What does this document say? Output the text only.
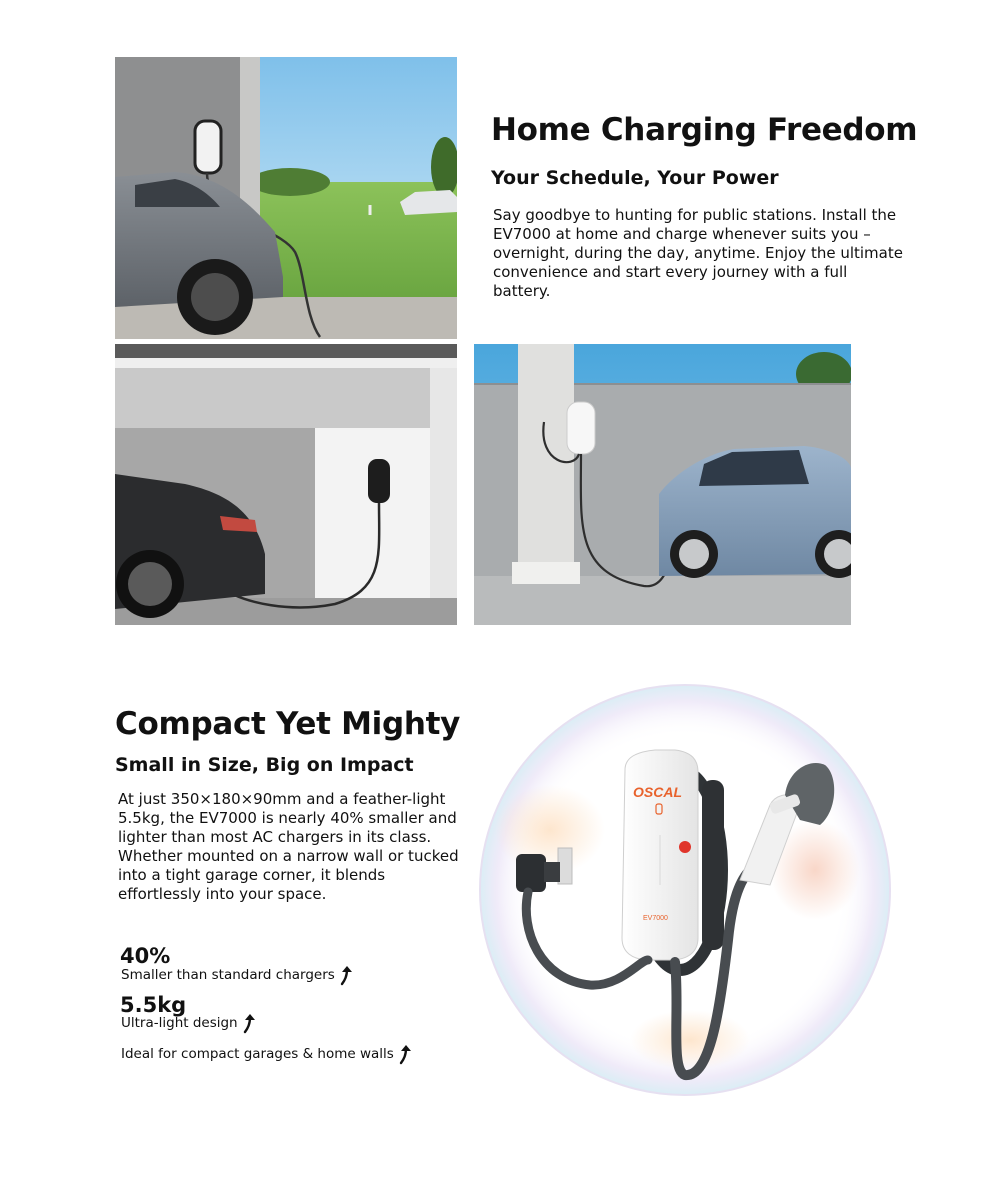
Home Charging Freedom
Your Schedule, Your Power

Say goodbye to hunting for public stations. Install the EV7000 at home and charge whenever suits you – overnight, during the day, anytime. Enjoy the ultimate convenience and start every journey with a full battery.

Compact Yet Mighty
Small in Size, Big on Impact

At just 350×180×90mm and a feather-light 5.5kg, the EV7000 is nearly 40% smaller and lighter than most AC chargers in its class. Whether mounted on a narrow wall or tucked into a tight garage corner, it blends effortlessly into your space.

40%
Smaller than standard chargers
5.5kg
Ultra-light design
Ideal for compact garages & home walls
OSCAL
EV7000
